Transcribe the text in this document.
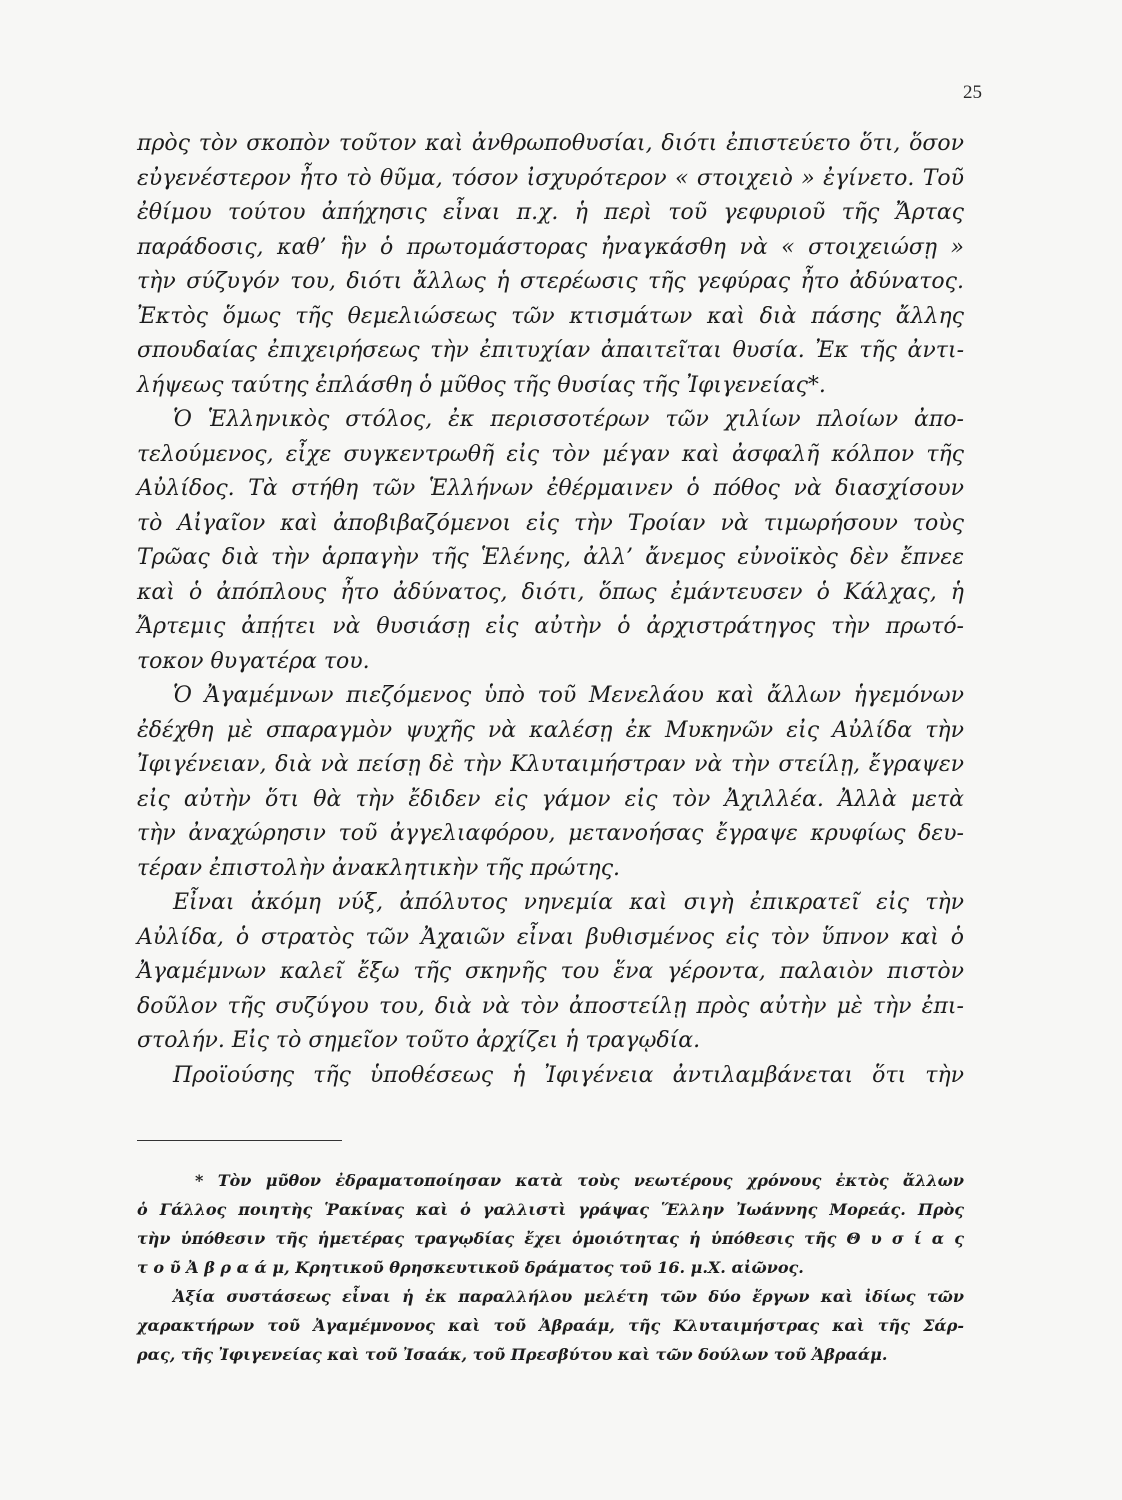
25
πρὸς τὸν σκοπὸν τοῦτον καὶ ἀνθρωποθυσίαι, διότι ἐπιστεύετο ὅτι, ὅσον
εὐγενέστερον ἦτο τὸ θῦμα, τόσον ἰσχυρότερον « στοιχειὸ » ἐγίνετο. Τοῦ
ἐθίμου τούτου ἀπήχησις εἶναι π.χ. ἡ περὶ τοῦ γεφυριοῦ τῆς Ἄρτας
παράδοσις, καθ’ ἣν ὁ πρωτομάστορας ἠναγκάσθη νὰ « στοιχειώσῃ »
τὴν σύζυγόν του, διότι ἄλλως ἡ στερέωσις τῆς γεφύρας ἦτο ἀδύνατος.
Ἐκτὸς ὅμως τῆς θεμελιώσεως τῶν κτισμάτων καὶ διὰ πάσης ἄλλης
σπουδαίας ἐπιχειρήσεως τὴν ἐπιτυχίαν ἀπαιτεῖται θυσία. Ἐκ τῆς ἀντι-
λήψεως ταύτης ἐπλάσθη ὁ μῦθος τῆς θυσίας τῆς Ἰφιγενείας*.
Ὁ Ἑλληνικὸς στόλος, ἐκ περισσοτέρων τῶν χιλίων πλοίων ἀπο-
τελούμενος, εἶχε συγκεντρωθῆ εἰς τὸν μέγαν καὶ ἀσφαλῆ κόλπον τῆς
Αὐλίδος. Τὰ στήθη τῶν Ἑλλήνων ἐθέρμαινεν ὁ πόθος νὰ διασχίσουν
τὸ Αἰγαῖον καὶ ἀποβιβαζόμενοι εἰς τὴν Τροίαν νὰ τιμωρήσουν τοὺς
Τρῶας διὰ τὴν ἁρπαγὴν τῆς Ἑλένης, ἀλλ’ ἄνεμος εὐνοϊκὸς δὲν ἔπνεε
καὶ ὁ ἀπόπλους ἦτο ἀδύνατος, διότι, ὅπως ἐμάντευσεν ὁ Κάλχας, ἡ
Ἄρτεμις ἀπῄτει νὰ θυσιάσῃ εἰς αὐτὴν ὁ ἀρχιστράτηγος τὴν πρωτό-
τοκον θυγατέρα του.
Ὁ Ἀγαμέμνων πιεζόμενος ὑπὸ τοῦ Μενελάου καὶ ἄλλων ἡγεμόνων
ἐδέχθη μὲ σπαραγμὸν ψυχῆς νὰ καλέσῃ ἐκ Μυκηνῶν εἰς Αὐλίδα τὴν
Ἰφιγένειαν, διὰ νὰ πείσῃ δὲ τὴν Κλυταιμήστραν νὰ τὴν στείλῃ, ἔγραψεν
εἰς αὐτὴν ὅτι θὰ τὴν ἔδιδεν εἰς γάμον εἰς τὸν Ἀχιλλέα. Ἀλλὰ μετὰ
τὴν ἀναχώρησιν τοῦ ἀγγελιαφόρου, μετανοήσας ἔγραψε κρυφίως δευ-
τέραν ἐπιστολὴν ἀνακλητικὴν τῆς πρώτης.
Εἶναι ἀκόμη νύξ, ἀπόλυτος νηνεμία καὶ σιγὴ ἐπικρατεῖ εἰς τὴν
Αὐλίδα, ὁ στρατὸς τῶν Ἀχαιῶν εἶναι βυθισμένος εἰς τὸν ὕπνον καὶ ὁ
Ἀγαμέμνων καλεῖ ἔξω τῆς σκηνῆς του ἕνα γέροντα, παλαιὸν πιστὸν
δοῦλον τῆς συζύγου του, διὰ νὰ τὸν ἀποστείλῃ πρὸς αὐτὴν μὲ τὴν ἐπι-
στολήν. Εἰς τὸ σημεῖον τοῦτο ἀρχίζει ἡ τραγῳδία.
Προϊούσης τῆς ὑποθέσεως ἡ Ἰφιγένεια ἀντιλαμβάνεται ὅτι τὴν
* Τὸν μῦθον ἐδραματοποίησαν κατὰ τοὺς νεωτέρους χρόνους ἐκτὸς ἄλλων
ὁ Γάλλος ποιητὴς Ῥακίνας καὶ ὁ γαλλιστὶ γράψας Ἕλλην Ἰωάννης Μορεάς. Πρὸς
τὴν ὑπόθεσιν τῆς ἡμετέρας τραγῳδίας ἔχει ὁμοιότητας ἡ ὑπόθεσις τῆς Θ υ σ ί α ς
τ ο ῦ Ἀ β ρ α ά μ, Κρητικοῦ θρησκευτικοῦ δράματος τοῦ 16. μ.Χ. αἰῶνος.
Ἀξία συστάσεως εἶναι ἡ ἐκ παραλλήλου μελέτη τῶν δύο ἔργων καὶ ἰδίως τῶν
χαρακτήρων τοῦ Ἀγαμέμνονος καὶ τοῦ Ἀβραάμ, τῆς Κλυταιμήστρας καὶ τῆς Σάρ-
ρας, τῆς Ἰφιγενείας καὶ τοῦ Ἰσαάκ, τοῦ Πρεσβύτου καὶ τῶν δούλων τοῦ Ἀβραάμ.
